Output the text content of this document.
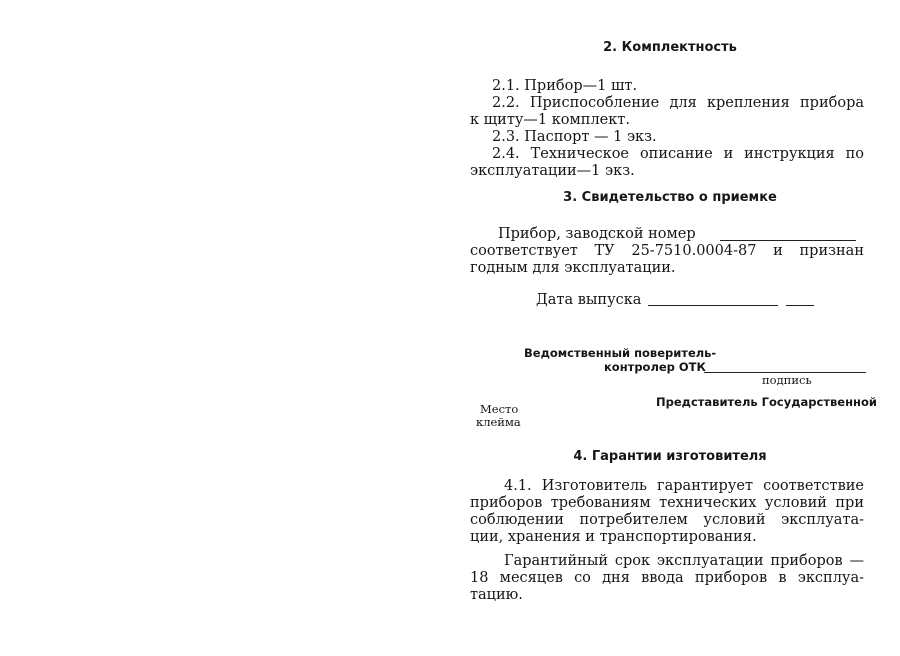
2. Комплектность
2.1. Прибор—1 шт.
2.2. Приспособление для крепления прибора
к щиту—1 комплект.
2.3. Паспорт — 1 экз.
2.4. Техническое описание и инструкция по
эксплуатации—1 экз.
3. Свидетельство о приемке
Прибор, заводской номер
соответствует ТУ 25-7510.0004-87 и признан
годным для эксплуатации.
Дата выпуска
Ведомственный поверитель-
контролер ОТК
подпись
Место
клейма
Представитель Государственной
4. Гарантии изготовителя
4.1. Изготовитель гарантирует соответствие
приборов требованиям технических условий при
соблюдении потребителем условий эксплуата-
ции, хранения и транспортирования.
Гарантийный срок эксплуатации приборов —
18 месяцев со дня ввода приборов в эксплуа-
тацию.
